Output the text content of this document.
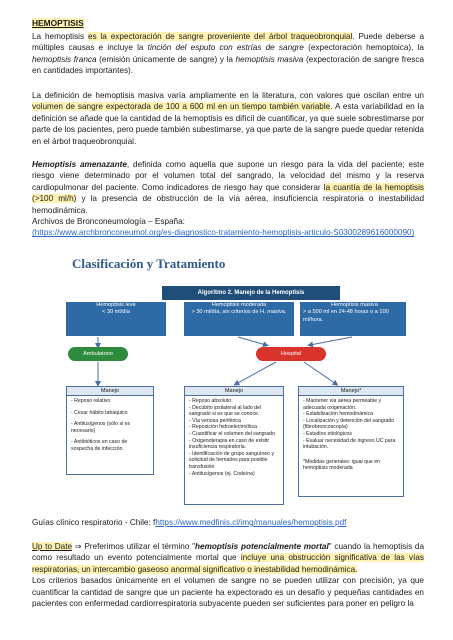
HEMOPTISIS

La hemoptisis es la expectoración de sangre proveniente del árbol traqueobronquial. Puede deberse a múltiples causas e incluye la tinción del esputo con estrías de sangre (expectoración hemoptoica), la hemoptisis franca (emisión únicamente de sangre) y la hemoptisis masiva (expectoración de sangre fresca en cantidades importantes).

La definición de hemoptisis masiva varía ampliamente en la literatura, con valores que oscilan entre un volumen de sangre expectorada de 100 a 600 ml en un tiempo también variable. A esta variabilidad en la definición se añade que la cantidad de la hemoptisis es difícil de cuantificar, ya que suele sobrestimarse por parte de los pacientes, pero puede también subestimarse, ya que parte de la sangre puede quedar retenida en el árbol traqueobronquial.

Hemoptisis amenazante, definida como aquella que supone un riesgo para la vida del paciente; este riesgo viene determinado por el volumen total del sangrado, la velocidad del mismo y la reserva cardiopulmonar del paciente. Como indicadores de riesgo hay que considerar la cuantía de la hemoptisis (>100 ml/h) y la presencia de obstrucción de la vía aérea, insuficiencia respiratoria o inestabilidad hemodinámica.
Archivos de Bronconeumología – España:
(https://www.archbronconeumol.org/es-diagnostico-tratamiento-hemoptisis-articulo-S0300289616000090)

Clasificación y Tratamiento
Algoritmo 2. Manejo de la Hemoptisis
Hemoptisis leve
< 30 ml/día
Hemoptisis moderada
> 30 ml/día, sin criterios de H. masiva.
Hemoptisis masiva
> a 500 ml en 24-48 horas o a 100 ml/hora.
Ambulatorio	Hospital
Manejo
- Reposo relativo
- Cesar hábito tabáquico
- Antitusígenos (sólo si es necesario)
- Antibióticos en caso de sospecha de infección.
Manejo
- Reposo absoluto
- Decúbito ipsilateral al lado del sangrado si es que se conoce.
- Vía venosa periférica
- Reposición hidroelectrolítica
- Cuantificar el volumen del sangrado
- Oxigenoterapia en caso de existir insuficiencia respiratoria.
- Identificación de grupo sanguíneo y solicitud de hematíes para posible transfusión
- Antitusígenos (ej. Codeína)
Manejo*
- Mantener vía aérea permeable y adecuada oxigenación.
- Estabilización hemodinámica
- Localización y detención del sangrado (fibrobroncoscopía)
- Estudios etiológicos
- Evaluar necesidad de ingreso UC para intubación.
*Medidas generales: igual que en hemoptisis moderada

Guías clínico respiratorio - Chile: fhttps://www.medfinis.cl/img/manuales/hemoptisis.pdf

Up to Date ⇒ Preferimos utilizar el término "hemoptisis potencialmente mortal" cuando la hemoptisis da como resultado un evento potencialmente mortal que incluye una obstrucción significativa de las vías respiratorias, un intercambio gaseoso anormal significativo o inestabilidad hemodinámica.
Los criterios basados únicamente en el volumen de sangre no se pueden utilizar con precisión, ya que cuantificar la cantidad de sangre que un paciente ha expectorado es un desafío y pequeñas cantidades en pacientes con enfermedad cardiorrespiratoria subyacente pueden ser suficientes para poner en peligro la
